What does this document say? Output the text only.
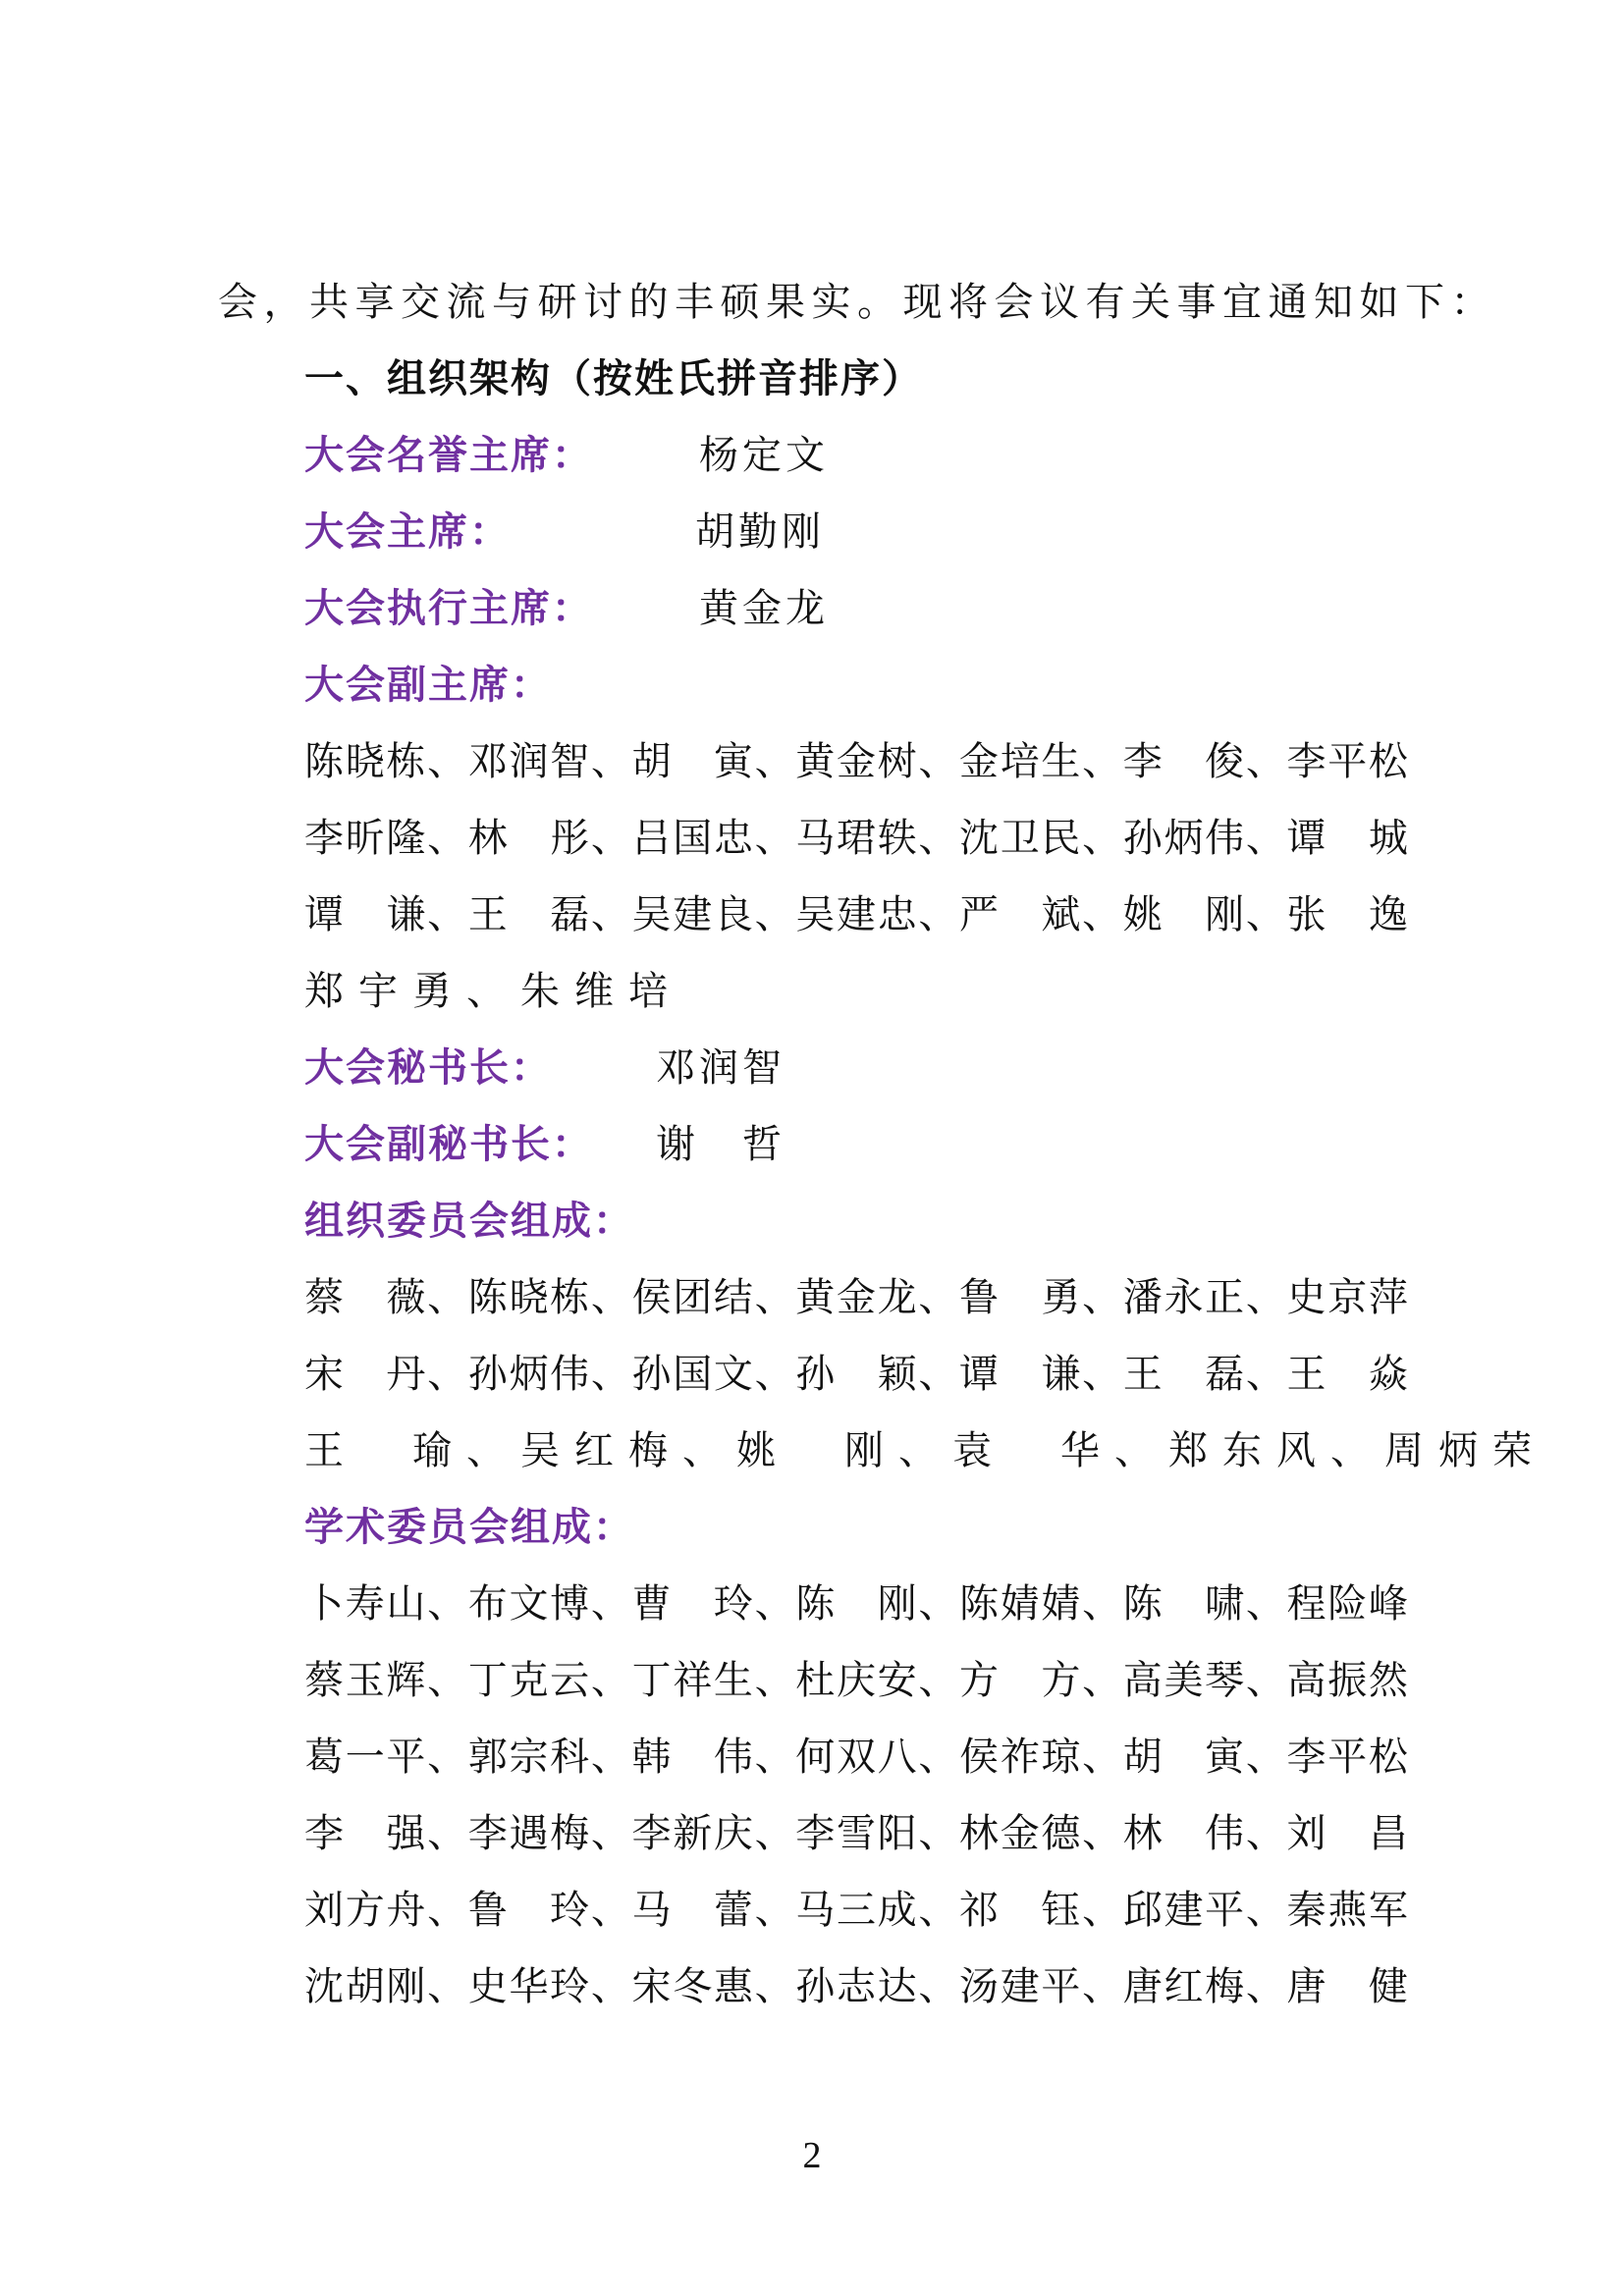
会，共享交流与研讨的丰硕果实。现将会议有关事宜通知如下：
一、组织架构（按姓氏拼音排序）
大会名誉主席：	杨定文
大会主席：	胡勤刚
大会执行主席：	黄金龙
大会副主席：
陈 晓 栋 、 邓 润 智 、 胡
　 寅 、 黄 金 树 、 金 培 生 、 李
　 俊 、 李 平 松
李 昕 隆 、 林
　 彤 、 吕 国 忠 、 马 珺 轶 、 沈 卫 民 、 孙 炳 伟 、 谭
　 城
谭
　 谦 、 王
　 磊 、 吴 建 良 、 吴 建 忠 、 严
　 斌 、 姚
　 刚 、 张
　 逸
郑宇勇、朱维培
大会秘书长：	邓润智
大会副秘书长： 谢　哲
组织委员会组成：
蔡
　 薇 、 陈 晓 栋 、 侯 团 结 、 黄 金 龙 、 鲁
　 勇 、 潘 永 正 、 史 京 萍
宋
　 丹 、 孙 炳 伟 、 孙 国 文 、 孙
　 颖 、 谭
　 谦 、 王
　 磊 、 王
　 焱
王　瑜、吴红梅、姚　刚、袁　华、郑东风、周炳荣
学术委员会组成：
卜 寿 山 、 布 文 博 、 曹
　 玲 、 陈
　 刚 、 陈 婧 婧 、 陈
　 啸 、 程 险 峰
蔡 玉 辉 、 丁 克 云 、 丁 祥 生 、 杜 庆 安 、 方
　 方 、 高 美 琴 、 高 振 然
葛 一 平 、 郭 宗 科 、 韩
　 伟 、 何 双 八 、 侯 祚 琼 、 胡
　 寅 、 李 平 松
李
　 强 、 李 遇 梅 、 李 新 庆 、 李 雪 阳 、 林 金 德 、 林
　 伟 、 刘
　 昌
刘 方 舟 、 鲁
　 玲 、 马
　 蕾 、 马 三 成 、 祁
　 钰 、 邱 建 平 、 秦 燕 军
沈 胡 刚 、 史 华 玲 、 宋 冬 惠 、 孙 志 达 、 汤 建 平 、 唐 红 梅 、 唐
　 健
2
